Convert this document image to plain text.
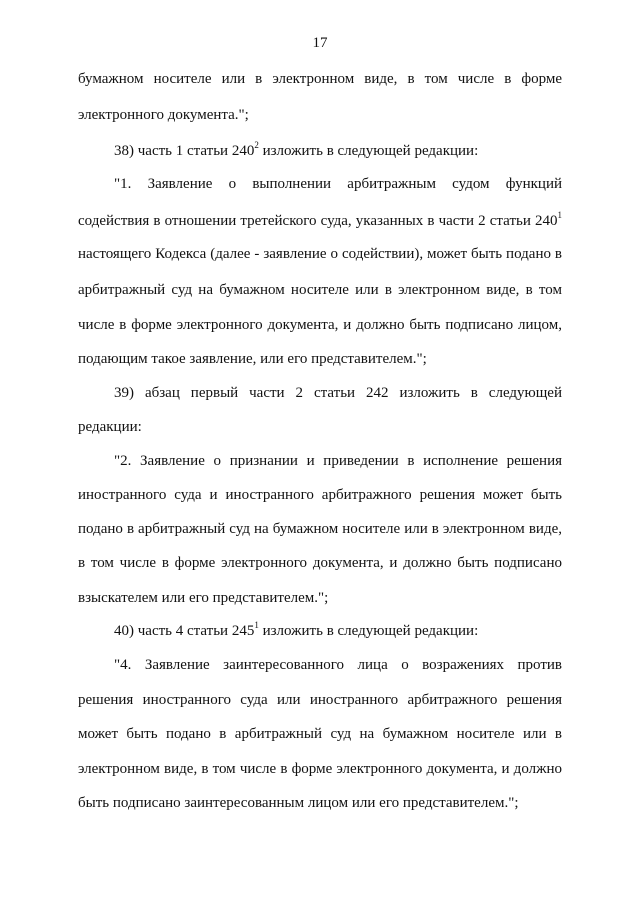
17
бумажном носителе или в электронном виде, в том числе в форме
электронного документа.";
38) часть 1 статьи $240^2$ изложить в следующей редакции:
"1. Заявление о выполнении арбитражным судом функций
содействия в отношении третейского суда, указанных в части 2 статьи $240^1$
настоящего Кодекса (далее - заявление о содействии), может быть подано в
арбитражный суд на бумажном носителе или в электронном виде, в том
числе в форме электронного документа, и должно быть подписано лицом,
подающим такое заявление, или его представителем.";
39) абзац первый части 2 статьи 242 изложить в следующей
редакции:
"2. Заявление о признании и приведении в исполнение решения
иностранного суда и иностранного арбитражного решения может быть
подано в арбитражный суд на бумажном носителе или в электронном виде,
в том числе в форме электронного документа, и должно быть подписано
взыскателем или его представителем.";
40) часть 4 статьи $245^1$ изложить в следующей редакции:
"4. Заявление заинтересованного лица о возражениях против
решения иностранного суда или иностранного арбитражного решения
может быть подано в арбитражный суд на бумажном носителе или в
электронном виде, в том числе в форме электронного документа, и должно
быть подписано заинтересованным лицом или его представителем.";
